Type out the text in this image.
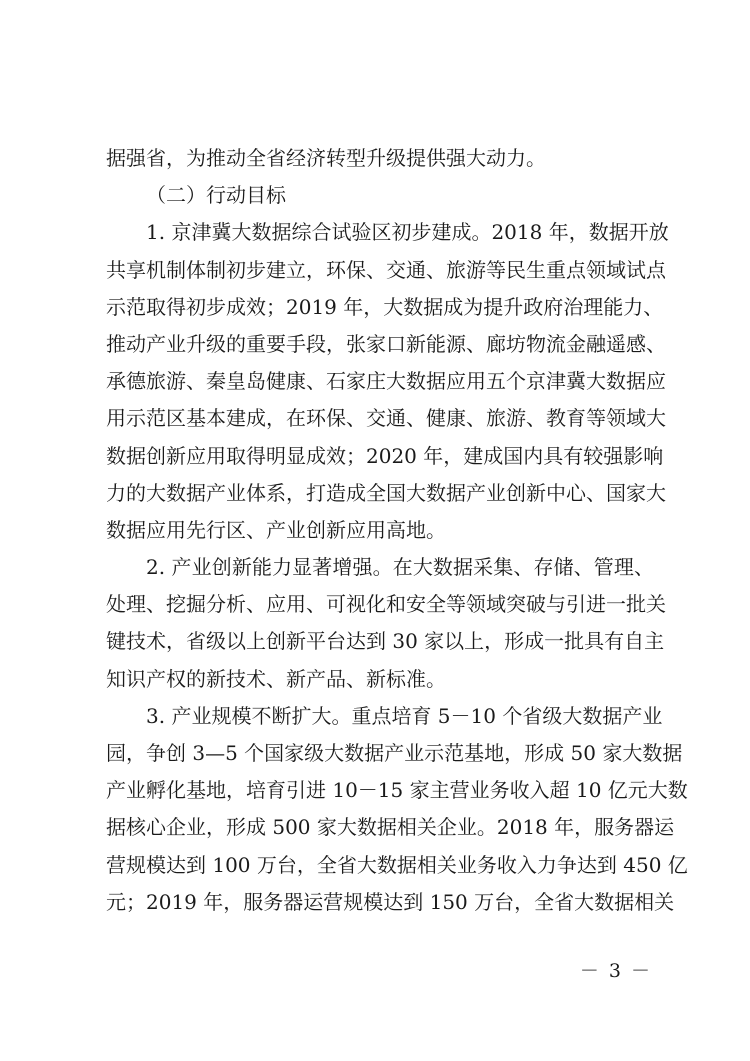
据强省，为推动全省经济转型升级提供强大动力。
（二）行动目标
1. 京津冀大数据综合试验区初步建成。2018 年，数据开放
共享机制体制初步建立，环保、交通、旅游等民生重点领域试点
示范取得初步成效；2019 年，大数据成为提升政府治理能力、
推动产业升级的重要手段，张家口新能源、廊坊物流金融遥感、
承德旅游、秦皇岛健康、石家庄大数据应用五个京津冀大数据应
用示范区基本建成，在环保、交通、健康、旅游、教育等领域大
数据创新应用取得明显成效；2020 年，建成国内具有较强影响
力的大数据产业体系，打造成全国大数据产业创新中心、国家大
数据应用先行区、产业创新应用高地。
2. 产业创新能力显著增强。在大数据采集、存储、管理、
处理、挖掘分析、应用、可视化和安全等领域突破与引进一批关
键技术，省级以上创新平台达到 30 家以上，形成一批具有自主
知识产权的新技术、新产品、新标准。
3. 产业规模不断扩大。重点培育 5－10 个省级大数据产业
园，争创 3—5 个国家级大数据产业示范基地，形成 50 家大数据
产业孵化基地，培育引进 10－15 家主营业务收入超 10 亿元大数
据核心企业，形成 500 家大数据相关企业。2018 年，服务器运
营规模达到 100 万台，全省大数据相关业务收入力争达到 450 亿
元；2019 年，服务器运营规模达到 150 万台，全省大数据相关
－ 3 －
